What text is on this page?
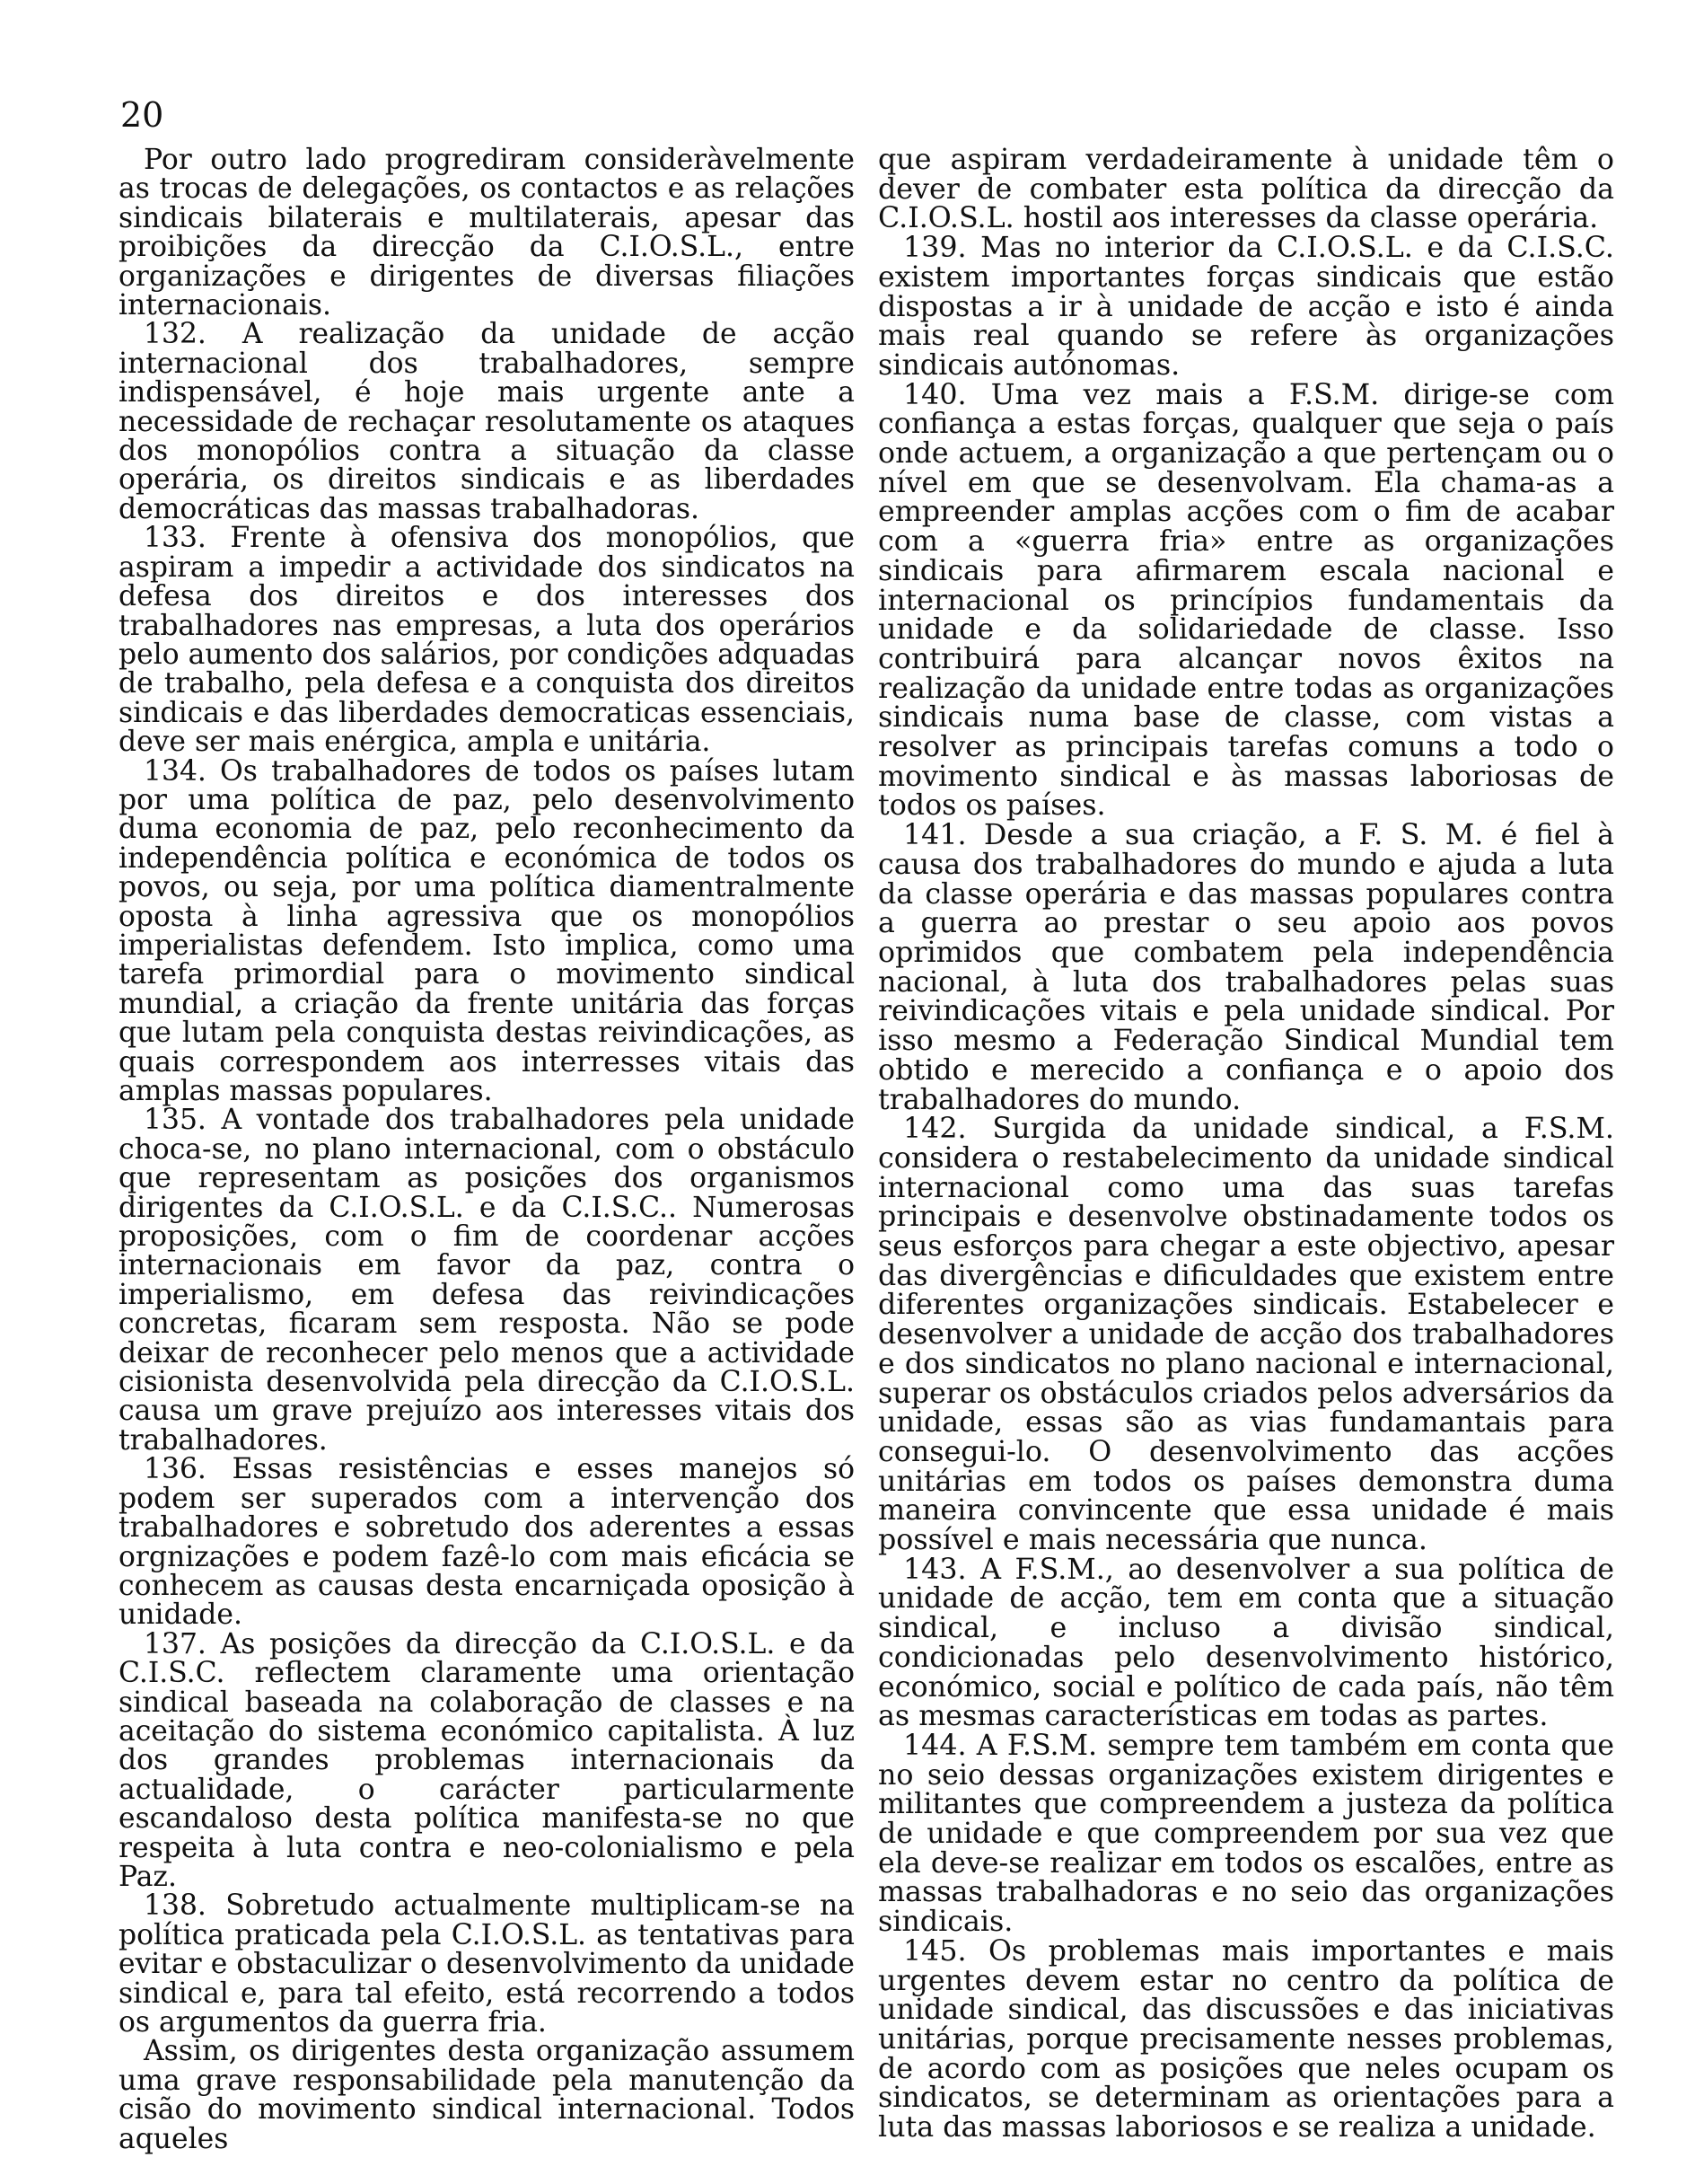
20

Por outro lado progrediram consideràvelmente as trocas de delegações, os contactos e as relações sindicais bilaterais e multilaterais, apesar das proibições da direcção da C.I.O.S.L., entre organizações e dirigentes de diversas filiações internacionais.

132. A realização da unidade de acção internacional dos trabalhadores, sempre indispensável, é hoje mais urgente ante a necessidade de rechaçar resolutamente os ataques dos monopólios contra a situação da classe operária, os direitos sindicais e as liberdades democráticas das massas trabalhadoras.

133. Frente à ofensiva dos monopólios, que aspiram a impedir a actividade dos sindicatos na defesa dos direitos e dos interesses dos trabalhadores nas empresas, a luta dos operários pelo aumento dos salários, por condições adquadas de trabalho, pela defesa e a conquista dos direitos sindicais e das liberdades democraticas essenciais, deve ser mais enérgica, ampla e unitária.

134. Os trabalhadores de todos os países lutam por uma política de paz, pelo desenvolvimento duma economia de paz, pelo reconhecimento da independência política e económica de todos os povos, ou seja, por uma política diamentralmente oposta à linha agressiva que os monopólios imperialistas defendem. Isto implica, como uma tarefa primordial para o movimento sindical mundial, a criação da frente unitária das forças que lutam pela conquista destas reivindicações, as quais correspondem aos interresses vitais das amplas massas populares.

135. A vontade dos trabalhadores pela unidade choca-se, no plano internacional, com o obstáculo que representam as posições dos organismos dirigentes da C.I.O.S.L. e da C.I.S.C.. Numerosas proposições, com o fim de coordenar acções internacionais em favor da paz, contra o imperialismo, em defesa das reivindicações concretas, ficaram sem resposta. Não se pode deixar de reconhecer pelo menos que a actividade cisionista desenvolvida pela direcção da C.I.O.S.L. causa um grave prejuízo aos interesses vitais dos trabalhadores.

136. Essas resistências e esses manejos só podem ser superados com a intervenção dos trabalhadores e sobretudo dos aderentes a essas orgnizações e podem fazê-lo com mais eficácia se conhecem as causas desta encarniçada oposição à unidade.

137. As posições da direcção da C.I.O.S.L. e da C.I.S.C. reflectem claramente uma orientação sindical baseada na colaboração de classes e na aceitação do sistema económico capitalista. À luz dos grandes problemas internacionais da actualidade, o carácter particularmente escandaloso desta política manifesta-se no que respeita à luta contra e neo-colonialismo e pela Paz.

138. Sobretudo actualmente multiplicam-se na política praticada pela C.I.O.S.L. as tentativas para evitar e obstaculizar o desenvolvimento da unidade sindical e, para tal efeito, está recorrendo a todos os argumentos da guerra fria.

Assim, os dirigentes desta organização assumem uma grave responsabilidade pela manutenção da cisão do movimento sindical internacional. Todos aqueles

que aspiram verdadeiramente à unidade têm o dever de combater esta política da direcção da C.I.O.S.L. hostil aos interesses da classe operária.

139. Mas no interior da C.I.O.S.L. e da C.I.S.C. existem importantes forças sindicais que estão dispostas a ir à unidade de acção e isto é ainda mais real quando se refere às organizações sindicais autónomas.

140. Uma vez mais a F.S.M. dirige-se com confiança a estas forças, qualquer que seja o país onde actuem, a organização a que pertençam ou o nível em que se desenvolvam. Ela chama-as a empreender amplas acções com o fim de acabar com a «guerra fria» entre as organizações sindicais para afirmarem escala nacional e internacional os princípios fundamentais da unidade e da solidariedade de classe. Isso contribuirá para alcançar novos êxitos na realização da unidade entre todas as organizações sindicais numa base de classe, com vistas a resolver as principais tarefas comuns a todo o movimento sindical e às massas laboriosas de todos os países.

141. Desde a sua criação, a F. S. M. é fiel à causa dos trabalhadores do mundo e ajuda a luta da classe operária e das massas populares contra a guerra ao prestar o seu apoio aos povos oprimidos que combatem pela independência nacional, à luta dos trabalhadores pelas suas reivindicações vitais e pela unidade sindical. Por isso mesmo a Federação Sindical Mundial tem obtido e merecido a confiança e o apoio dos trabalhadores do mundo.

142. Surgida da unidade sindical, a F.S.M. considera o restabelecimento da unidade sindical internacional como uma das suas tarefas principais e desenvolve obstinadamente todos os seus esforços para chegar a este objectivo, apesar das divergências e dificuldades que existem entre diferentes organizações sindicais. Estabelecer e desenvolver a unidade de acção dos trabalhadores e dos sindicatos no plano nacional e internacional, superar os obstáculos criados pelos adversários da unidade, essas são as vias fundamantais para consegui-lo. O desenvolvimento das acções unitárias em todos os países demonstra duma maneira convincente que essa unidade é mais possível e mais necessária que nunca.

143. A F.S.M., ao desenvolver a sua política de unidade de acção, tem em conta que a situação sindical, e incluso a divisão sindical, condicionadas pelo desenvolvimento histórico, económico, social e político de cada país, não têm as mesmas características em todas as partes.

144. A F.S.M. sempre tem também em conta que no seio dessas organizações existem dirigentes e militantes que compreendem a justeza da política de unidade e que compreendem por sua vez que ela deve-se realizar em todos os escalões, entre as massas trabalhadoras e no seio das organizações sindicais.

145. Os problemas mais importantes e mais urgentes devem estar no centro da política de unidade sindical, das discussões e das iniciativas unitárias, porque precisamente nesses problemas, de acordo com as posições que neles ocupam os sindicatos, se determinam as orientações para a luta das massas laboriosos e se realiza a unidade.
